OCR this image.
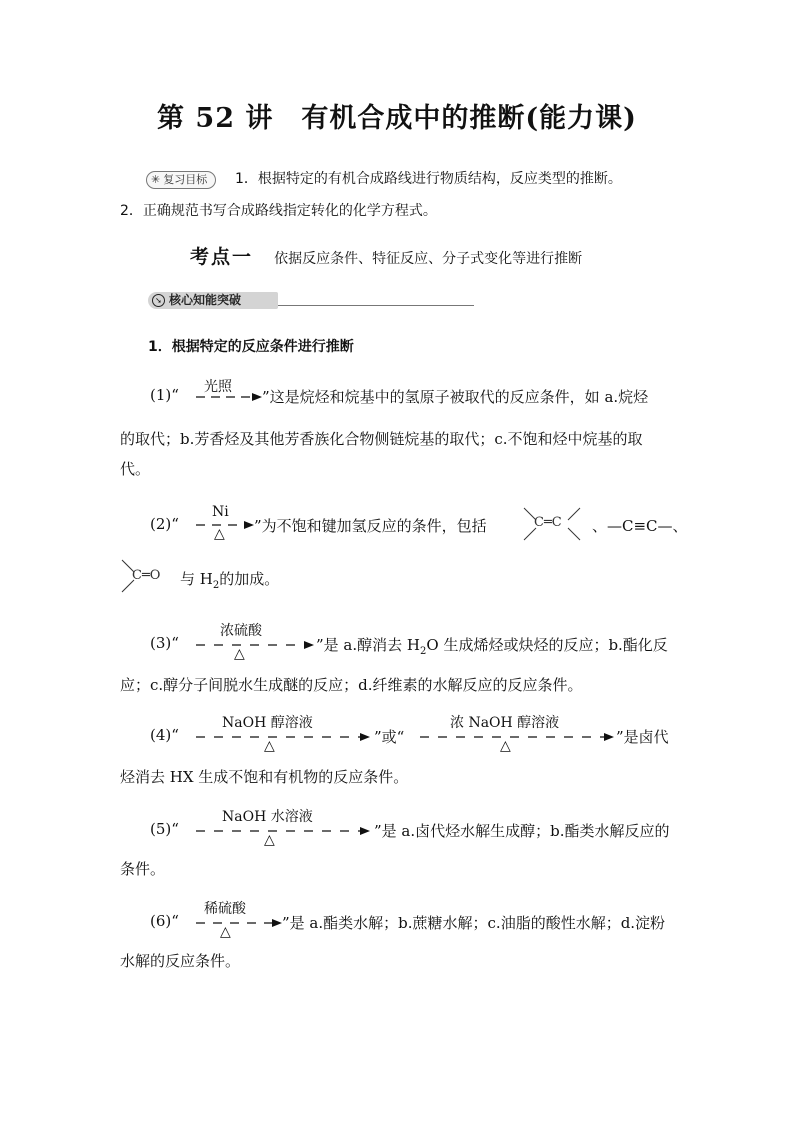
第 52 讲　有机合成中的推断(能力课)
✳ 复习目标 1．根据特定的有机合成路线进行物质结构，反应类型的推断。
2．正确规范书写合成路线指定转化的化学方程式。
考点一 依据反应条件、特征反应、分子式变化等进行推断
➘ 核心知能突破
1．根据特定的反应条件进行推断
(1)“ 光照
”这是烷烃和烷基中的氢原子被取代的反应条件，如 a.烷烃
的取代；b.芳香烃及其他芳香族化合物侧链烷基的取代；c.不饱和烃中烷基的取
代。
(2)“
Ni
△ ”为不饱和键加氢反应的条件，包括	C═C 、—C≡C—、
C═O 与 $H_2$的加成。
(3)“
浓硫酸
△	”是 a.醇消去 $H_2O$ 生成烯烃或炔烃的反应；b.酯化反
应；c.醇分子间脱水生成醚的反应；d.纤维素的水解反应的反应条件。
(4)“
NaOH 醇溶液
△	”或“
浓 NaOH 醇溶液
△	”是卤代
烃消去 HX 生成不饱和有机物的反应条件。
(5)“
NaOH 水溶液
△	”是 a.卤代烃水解生成醇；b.酯类水解反应的
条件。
(6)“
稀硫酸
△	”是 a.酯类水解；b.蔗糖水解；c.油脂的酸性水解；d.淀粉
水解的反应条件。
